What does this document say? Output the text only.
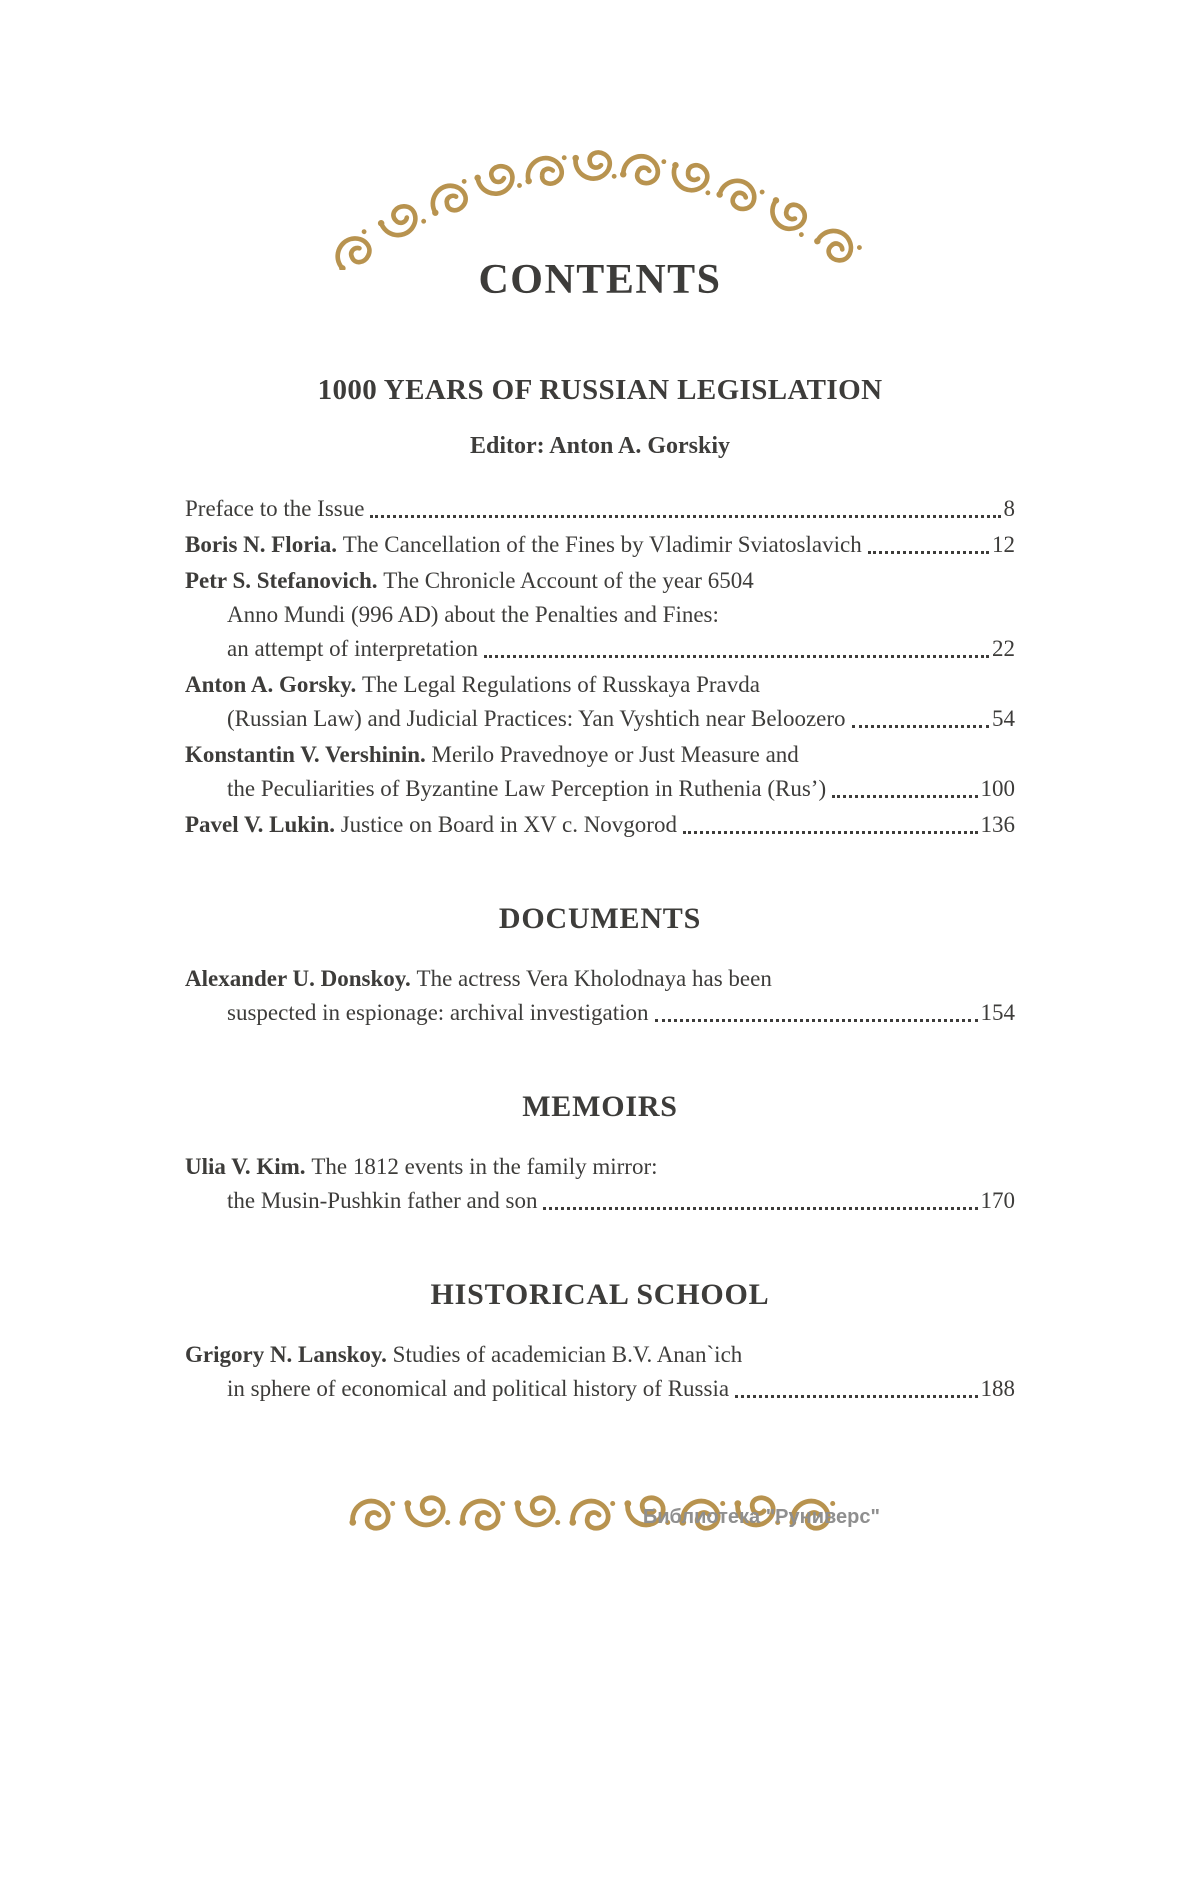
CONTENTS
1000 YEARS OF RUSSIAN LEGISLATION
Editor: Anton A. Gorskiy
Preface to the Issue	8
Boris N. Floria. The Cancellation of the Fines by Vladimir Sviatoslavich	12
Petr S. Stefanovich. The Chronicle Account of the year 6504
Anno Mundi (996 AD) about the Penalties and Fines:
an attempt of interpretation	22
Anton A. Gorsky. The Legal Regulations of Russkaya Pravda
(Russian Law) and Judicial Practices: Yan Vyshtich near Beloozero	54
Konstantin V. Vershinin. Merilo Pravednoye or Just Measure and
the Peculiarities of Byzantine Law Perception in Ruthenia (Rus’)	100
Pavel V. Lukin. Justice on Board in XV c. Novgorod	136
DOCUMENTS
Alexander U. Donskoy. The actress Vera Kholodnaya has been
suspected in espionage: archival investigation	154
MEMOIRS
Ulia V. Kim. The 1812 events in the family mirror:
the Musin-Pushkin father and son	170
HISTORICAL SCHOOL
Grigory N. Lanskoy. Studies of academician B.V. Anan`ich
in sphere of economical and political history of Russia	188
Библиотека "Руниверс"
